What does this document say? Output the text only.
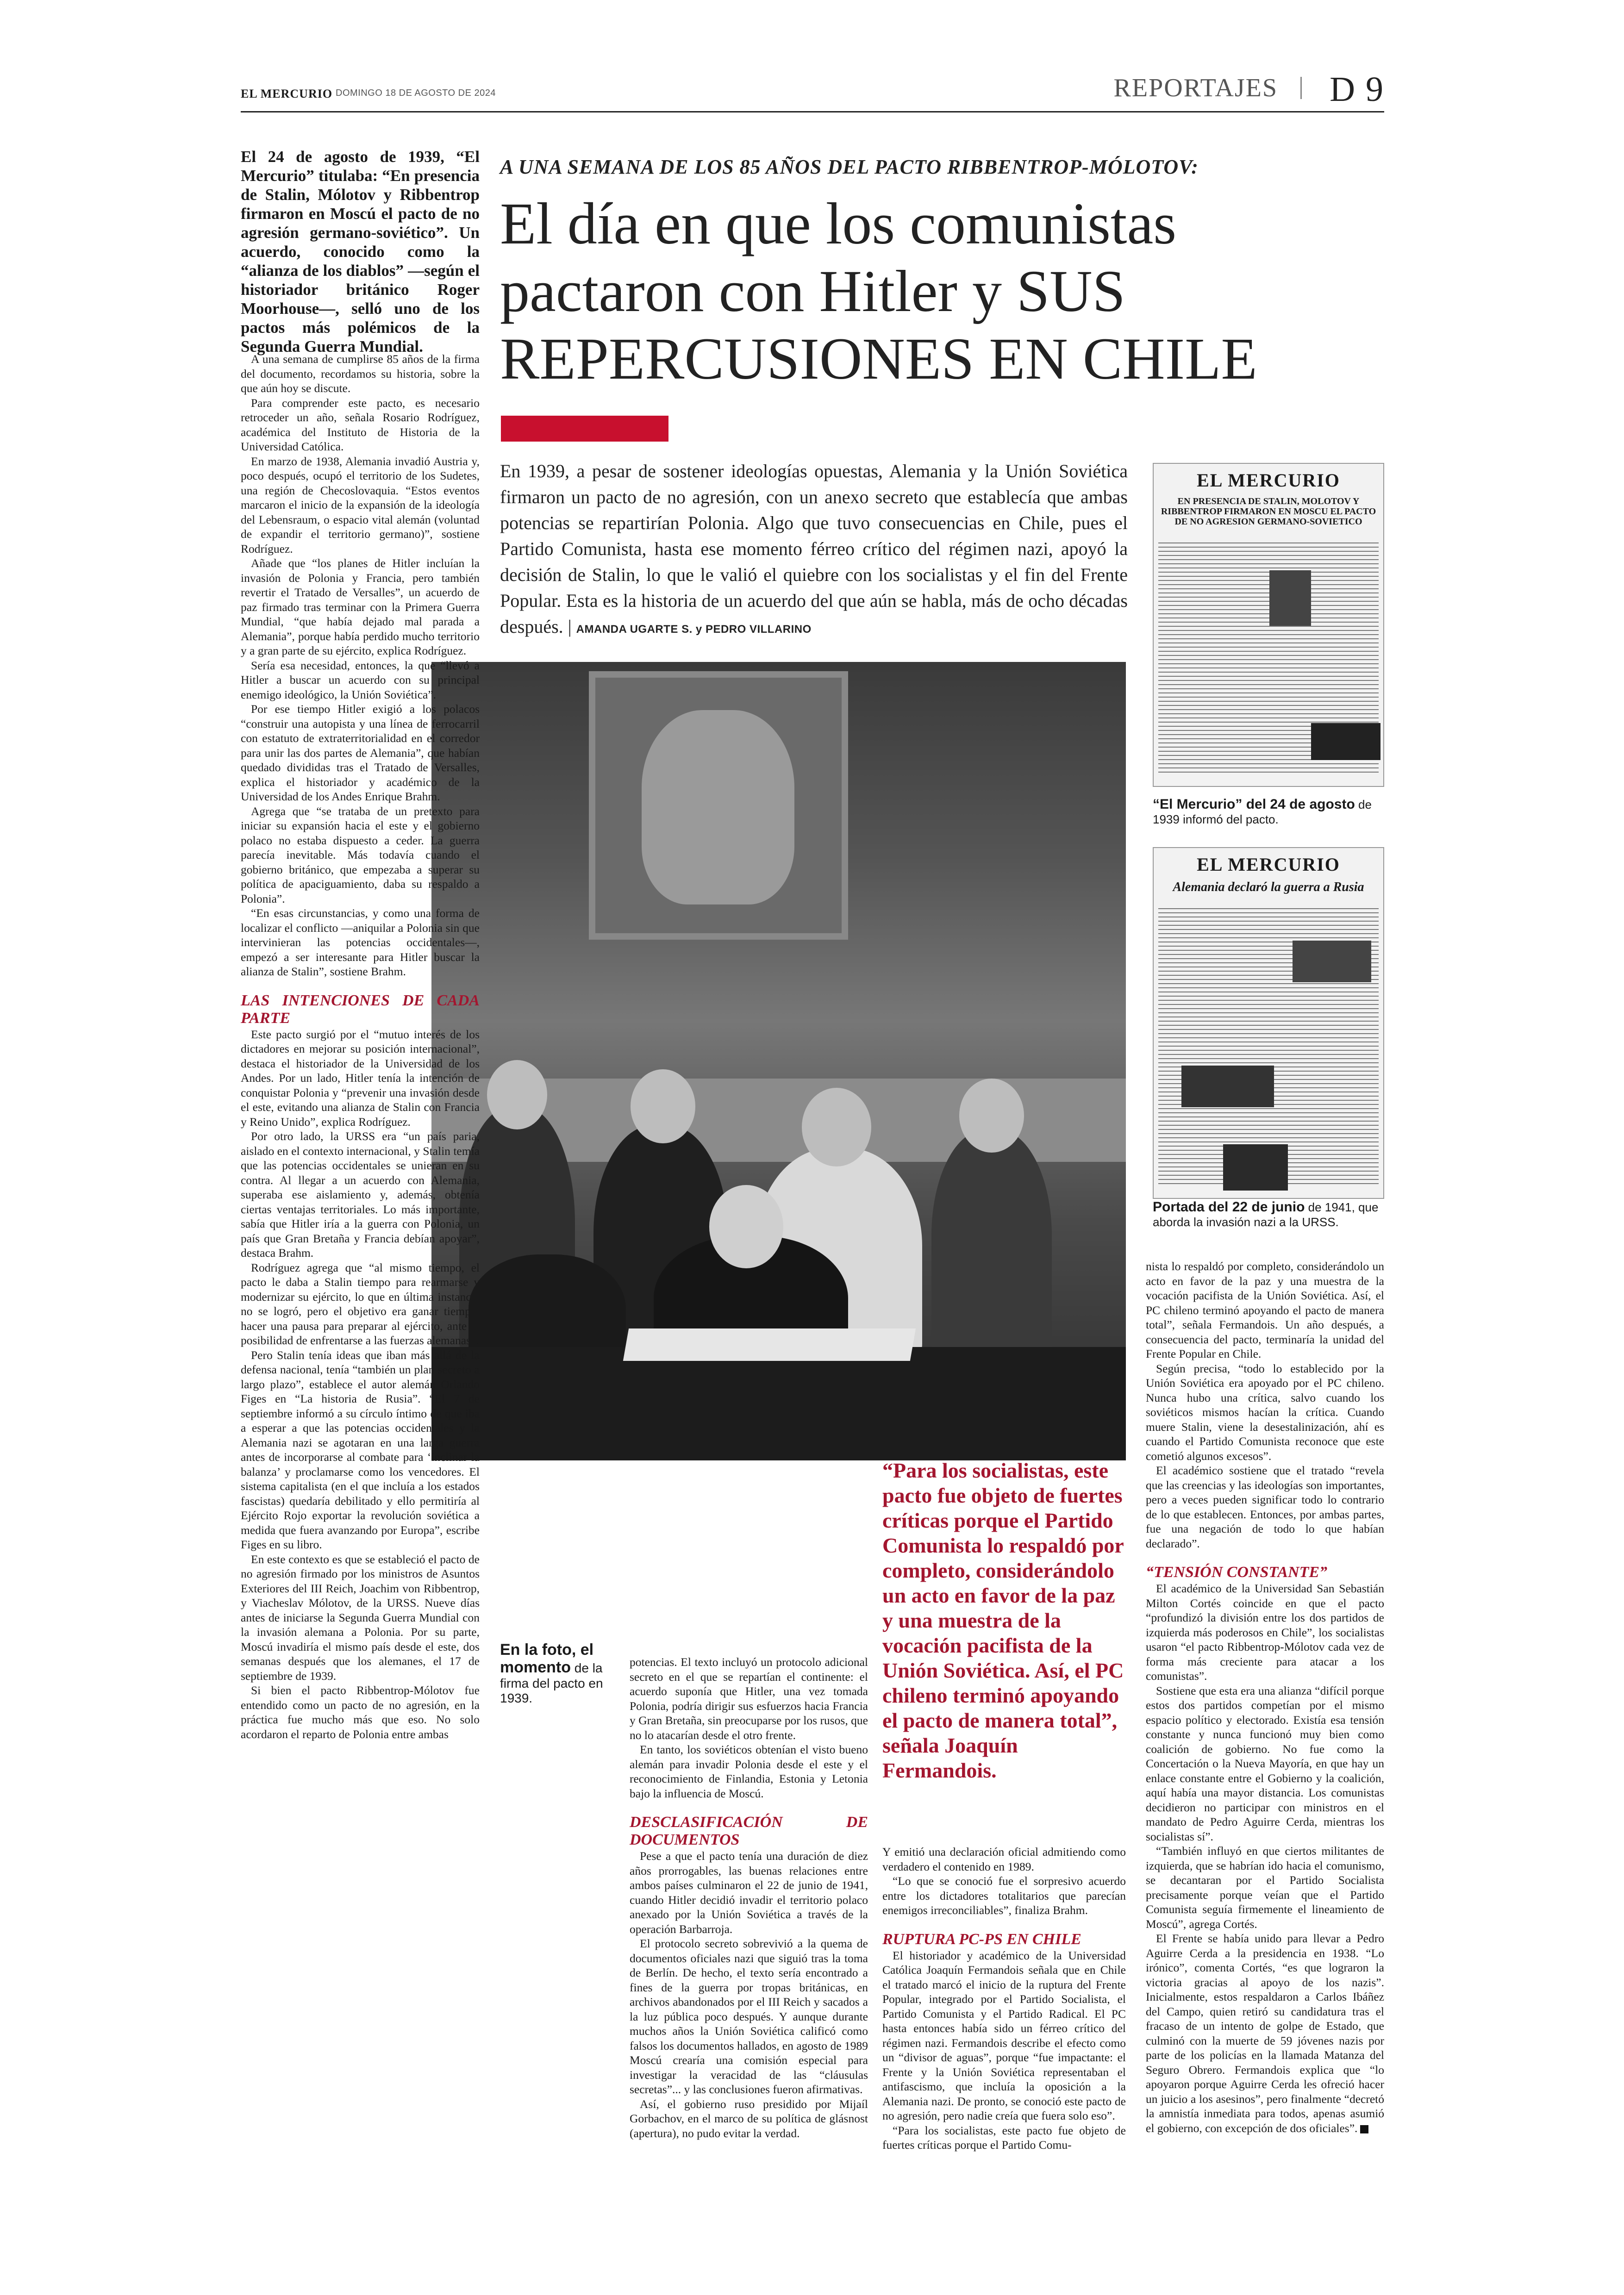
EL MERCURIO DOMINGO 18 DE AGOSTO DE 2024	REPORTAJES D 9
El 24 de agosto de 1939, “El Mercurio” titulaba: “En presencia de Stalin, Mólotov y Ribbentrop firmaron en Moscú el pacto de no agresión germano-soviético”. Un acuerdo, conocido como la “alianza de los diablos” —según el historiador británico Roger Moorhouse—, selló uno de los pactos más polémicos de la Segunda Guerra Mundial.
A UNA SEMANA DE LOS 85 AÑOS DEL PACTO RIBBENTROP-MÓLOTOV:
El día en que los comunistas pactaron con Hitler y SUS REPERCUSIONES EN CHILE
En 1939, a pesar de sostener ideologías opuestas, Alemania y la Unión Soviética firmaron un pacto de no agresión, con un anexo secreto que establecía que ambas potencias se repartirían Polonia. Algo que tuvo consecuencias en Chile, pues el Partido Comunista, hasta ese momento férreo crítico del régimen nazi, apoyó la decisión de Stalin, lo que le valió el quiebre con los socialistas y el fin del Frente Popular. Esta es la historia de un acuerdo del que aún se habla, más de ocho décadas después. | AMANDA UGARTE S. y PEDRO VILLARINO
En la foto, el momento de la firma del pacto en 1939.
“Para los socialistas, este pacto fue objeto de fuertes críticas porque el Partido Comunista lo respaldó por completo, considerándolo un acto en favor de la paz y una muestra de la vocación pacifista de la Unión Soviética. Así, el PC chileno terminó apoyando el pacto de manera total”, señala Joaquín Fermandois.
EL MERCURIO
EN PRESENCIA DE STALIN, MOLOTOV Y RIBBENTROP FIRMARON EN MOSCU EL PACTO DE NO AGRESION GERMANO-SOVIETICO
“El Mercurio” del 24 de agosto de 1939 informó del pacto.
EL MERCURIO
Alemania declaró la guerra a Rusia
Portada del 22 de junio de 1941, que aborda la invasión nazi a la URSS.

A una semana de cumplirse 85 años de la firma del documento, recordamos su historia, sobre la que aún hoy se discute.

Para comprender este pacto, es necesario retroceder un año, señala Rosario Rodríguez, académica del Instituto de Historia de la Universidad Católica.

En marzo de 1938, Alemania invadió Austria y, poco después, ocupó el territorio de los Sudetes, una región de Checoslovaquia. “Estos eventos marcaron el inicio de la expansión de la ideología del Lebensraum, o espacio vital alemán (voluntad de expandir el territorio germano)”, sostiene Rodríguez.

Añade que “los planes de Hitler incluían la invasión de Polonia y Francia, pero también revertir el Tratado de Versalles”, un acuerdo de paz firmado tras terminar con la Primera Guerra Mundial, “que había dejado mal parada a Alemania”, porque había perdido mucho territorio y a gran parte de su ejército, explica Rodríguez.

Sería esa necesidad, entonces, la que “llevó a Hitler a buscar un acuerdo con su principal enemigo ideológico, la Unión Soviética”.

Por ese tiempo Hitler exigió a los polacos “construir una autopista y una línea de ferrocarril con estatuto de extraterritorialidad en el corredor para unir las dos partes de Alemania”, que habían quedado divididas tras el Tratado de Versalles, explica el historiador y académico de la Universidad de los Andes Enrique Brahm.

Agrega que “se trataba de un pretexto para iniciar su expansión hacia el este y el gobierno polaco no estaba dispuesto a ceder. La guerra parecía inevitable. Más todavía cuando el gobierno británico, que empezaba a superar su política de apaciguamiento, daba su respaldo a Polonia”.

“En esas circunstancias, y como una forma de localizar el conflicto —aniquilar a Polonia sin que intervinieran las potencias occidentales—, empezó a ser interesante para Hitler buscar la alianza de Stalin”, sostiene Brahm.

LAS INTENCIONES DE CADA PARTE

Este pacto surgió por el “mutuo interés de los dictadores en mejorar su posición internacional”, destaca el historiador de la Universidad de los Andes. Por un lado, Hitler tenía la intención de conquistar Polonia y “prevenir una invasión desde el este, evitando una alianza de Stalin con Francia y Reino Unido”, explica Rodríguez.

Por otro lado, la URSS era “un país paria, aislado en el contexto internacional, y Stalin temía que las potencias occidentales se unieran en su contra. Al llegar a un acuerdo con Alemania, superaba ese aislamiento y, además, obtenía ciertas ventajas territoriales. Lo más importante, sabía que Hitler iría a la guerra con Polonia, un país que Gran Bretaña y Francia debían apoyar”, destaca Brahm.

Rodríguez agrega que “al mismo tiempo, el pacto le daba a Stalin tiempo para rearmarse y modernizar su ejército, lo que en última instancia no se logró, pero el objetivo era ganar tiempo, hacer una pausa para preparar al ejército, ante la posibilidad de enfrentarse a las fuerzas alemanas”.

Pero Stalin tenía ideas que iban más allá de la defensa nacional, tenía “también un plan secreto a largo plazo”, establece el autor alemán Orlando Figes en “La historia de Rusia”. “El 7 de septiembre informó a su círculo íntimo de que iba a esperar a que las potencias occidentales y la Alemania nazi se agotaran en una larga guerra antes de incorporarse al combate para ‘inclinar la balanza’ y proclamarse como los vencedores. El sistema capitalista (en el que incluía a los estados fascistas) quedaría debilitado y ello permitiría al Ejército Rojo exportar la revolución soviética a medida que fuera avanzando por Europa”, escribe Figes en su libro.

En este contexto es que se estableció el pacto de no agresión firmado por los ministros de Asuntos Exteriores del III Reich, Joachim von Ribbentrop, y Viacheslav Mólotov, de la URSS. Nueve días antes de iniciarse la Segunda Guerra Mundial con la invasión alemana a Polonia. Por su parte, Moscú invadiría el mismo país desde el este, dos semanas después que los alemanes, el 17 de septiembre de 1939.

Si bien el pacto Ribbentrop-Mólotov fue entendido como un pacto de no agresión, en la práctica fue mucho más que eso. No solo acordaron el reparto de Polonia entre ambas

potencias. El texto incluyó un protocolo adicional secreto en el que se repartían el continente: el acuerdo suponía que Hitler, una vez tomada Polonia, podría dirigir sus esfuerzos hacia Francia y Gran Bretaña, sin preocuparse por los rusos, que no lo atacarían desde el otro frente.

En tanto, los soviéticos obtenían el visto bueno alemán para invadir Polonia desde el este y el reconocimiento de Finlandia, Estonia y Letonia bajo la influencia de Moscú.

DESCLASIFICACIÓN DE DOCUMENTOS

Pese a que el pacto tenía una duración de diez años prorrogables, las buenas relaciones entre ambos países culminaron el 22 de junio de 1941, cuando Hitler decidió invadir el territorio polaco anexado por la Unión Soviética a través de la operación Barbarroja.

El protocolo secreto sobrevivió a la quema de documentos oficiales nazi que siguió tras la toma de Berlín. De hecho, el texto sería encontrado a fines de la guerra por tropas británicas, en archivos abandonados por el III Reich y sacados a la luz pública poco después. Y aunque durante muchos años la Unión Soviética calificó como falsos los documentos hallados, en agosto de 1989 Moscú crearía una comisión especial para investigar la veracidad de las “cláusulas secretas”... y las conclusiones fueron afirmativas.

Así, el gobierno ruso presidido por Mijaíl Gorbachov, en el marco de su política de glásnost (apertura), no pudo evitar la verdad.

Y emitió una declaración oficial admitiendo como verdadero el contenido en 1989.

“Lo que se conoció fue el sorpresivo acuerdo entre los dictadores totalitarios que parecían enemigos irreconciliables”, finaliza Brahm.

RUPTURA PC-PS EN CHILE

El historiador y académico de la Universidad Católica Joaquín Fermandois señala que en Chile el tratado marcó el inicio de la ruptura del Frente Popular, integrado por el Partido Socialista, el Partido Comunista y el Partido Radical. El PC hasta entonces había sido un férreo crítico del régimen nazi. Fermandois describe el efecto como un “divisor de aguas”, porque “fue impactante: el Frente y la Unión Soviética representaban el antifascismo, que incluía la oposición a la Alemania nazi. De pronto, se conoció este pacto de no agresión, pero nadie creía que fuera solo eso”.

“Para los socialistas, este pacto fue objeto de fuertes críticas porque el Partido Comu-

nista lo respaldó por completo, considerándolo un acto en favor de la paz y una muestra de la vocación pacifista de la Unión Soviética. Así, el PC chileno terminó apoyando el pacto de manera total”, señala Fermandois. Un año después, a consecuencia del pacto, terminaría la unidad del Frente Popular en Chile.

Según precisa, “todo lo establecido por la Unión Soviética era apoyado por el PC chileno. Nunca hubo una crítica, salvo cuando los soviéticos mismos hacían la crítica. Cuando muere Stalin, viene la desestalinización, ahí es cuando el Partido Comunista reconoce que este cometió algunos excesos”.

El académico sostiene que el tratado “revela que las creencias y las ideologías son importantes, pero a veces pueden significar todo lo contrario de lo que establecen. Entonces, por ambas partes, fue una negación de todo lo que habían declarado”.

“TENSIÓN CONSTANTE”

El académico de la Universidad San Sebastián Milton Cortés coincide en que el pacto “profundizó la división entre los dos partidos de izquierda más poderosos en Chile”, los socialistas usaron “el pacto Ribbentrop-Mólotov cada vez de forma más creciente para atacar a los comunistas”.

Sostiene que esta era una alianza “difícil porque estos dos partidos competían por el mismo espacio político y electorado. Existía esa tensión constante y nunca funcionó muy bien como coalición de gobierno. No fue como la Concertación o la Nueva Mayoría, en que hay un enlace constante entre el Gobierno y la coalición, aquí había una mayor distancia. Los comunistas decidieron no participar con ministros en el mandato de Pedro Aguirre Cerda, mientras los socialistas sí”.

“También influyó en que ciertos militantes de izquierda, que se habrían ido hacia el comunismo, se decantaran por el Partido Socialista precisamente porque veían que el Partido Comunista seguía firmemente el lineamiento de Moscú”, agrega Cortés.

El Frente se había unido para llevar a Pedro Aguirre Cerda a la presidencia en 1938. “Lo irónico”, comenta Cortés, “es que lograron la victoria gracias al apoyo de los nazis”. Inicialmente, estos respaldaron a Carlos Ibáñez del Campo, quien retiró su candidatura tras el fracaso de un intento de golpe de Estado, que culminó con la muerte de 59 jóvenes nazis por parte de los policías en la llamada Matanza del Seguro Obrero. Fermandois explica que “lo apoyaron porque Aguirre Cerda les ofreció hacer un juicio a los asesinos”, pero finalmente “decretó la amnistía inmediata para todos, apenas asumió el gobierno, con excepción de dos oficiales”.
